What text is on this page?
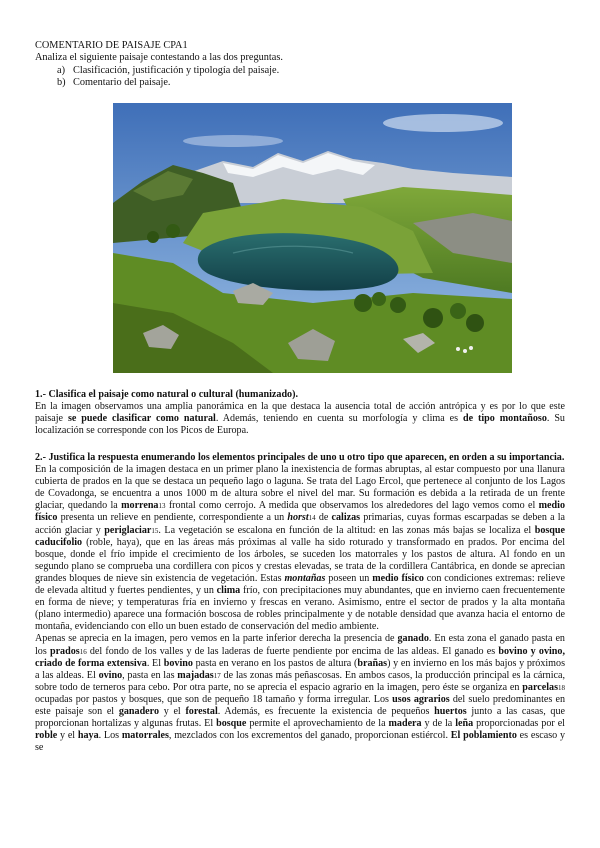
COMENTARIO DE PAISAJE CPA1
Analiza el siguiente paisaje contestando a las dos preguntas.
a) Clasificación, justificación y tipología del paisaje.
b) Comentario del paisaje.
1.- Clasifica el paisaje como natural o cultural (humanizado).

En la imagen observamos una amplia panorámica en la que destaca la ausencia total de acción antrópica y es por lo que este paisaje se puede clasificar como natural. Además, teniendo en cuenta su morfología y clima es de tipo montañoso. Su localización se corresponde con los Picos de Europa.

2.- Justifica la respuesta enumerando los elementos principales de uno u otro tipo que aparecen, en orden a su importancia.

En la composición de la imagen destaca en un primer plano la inexistencia de formas abruptas, al estar compuesto por una llanura cubierta de prados en la que se destaca un pequeño lago o laguna. Se trata del Lago Ercol, que pertenece al conjunto de los Lagos de Covadonga, se encuentra a unos 1000 m de altura sobre el nivel del mar. Su formación es debida a la retirada de un frente glaciar, quedando la morrena13 frontal como cerrojo. A medida que observamos los alrededores del lago vemos como el medio físico presenta un relieve en pendiente, correspondiente a un horst14 de calizas primarias, cuyas formas escarpadas se deben a la acción glaciar y periglaciar15. La vegetación se escalona en función de la altitud: en las zonas más bajas se localiza el bosque caducifolio (roble, haya), que en las áreas más próximas al valle ha sido roturado y transformado en prados. Por encima del bosque, donde el frío impide el crecimiento de los árboles, se suceden los matorrales y los pastos de altura. Al fondo en un segundo plano se comprueba una cordillera con picos y crestas elevadas, se trata de la cordillera Cantábrica, en donde se aprecian grandes bloques de nieve sin existencia de vegetación. Estas montañas poseen un medio físico con condiciones extremas: relieve de elevada altitud y fuertes pendientes, y un clima frío, con precipitaciones muy abundantes, que en invierno caen frecuentemente en forma de nieve; y temperaturas fría en invierno y frescas en verano. Asimismo, entre el sector de prados y la alta montaña (plano intermedio) aparece una formación boscosa de robles principalmente y de notable densidad que avanza hacia el entorno de montaña, evidenciando con ello un buen estado de conservación del medio ambiente.

Apenas se aprecia en la imagen, pero vemos en la parte inferior derecha la presencia de ganado. En esta zona el ganado pasta en los prados16 del fondo de los valles y de las laderas de fuerte pendiente por encima de las aldeas. El ganado es bovino y ovino, criado de forma extensiva. El bovino pasta en verano en los pastos de altura (brañas) y en invierno en los más bajos y próximos a las aldeas. El ovino, pasta en las majadas17 de las zonas más peñascosas. En ambos casos, la producción principal es la cárnica, sobre todo de terneros para cebo. Por otra parte, no se aprecia el espacio agrario en la imagen, pero éste se organiza en parcelas18 ocupadas por pastos y bosques, que son de pequeño 18 tamaño y forma irregular. Los usos agrarios del suelo predominantes en este paisaje son el ganadero y el forestal. Además, es frecuente la existencia de pequeños huertos junto a las casas, que proporcionan hortalizas y algunas frutas. El bosque permite el aprovechamiento de la madera y de la leña proporcionadas por el roble y el haya. Los matorrales, mezclados con los excrementos del ganado, proporcionan estiércol. El poblamiento es escaso y se
